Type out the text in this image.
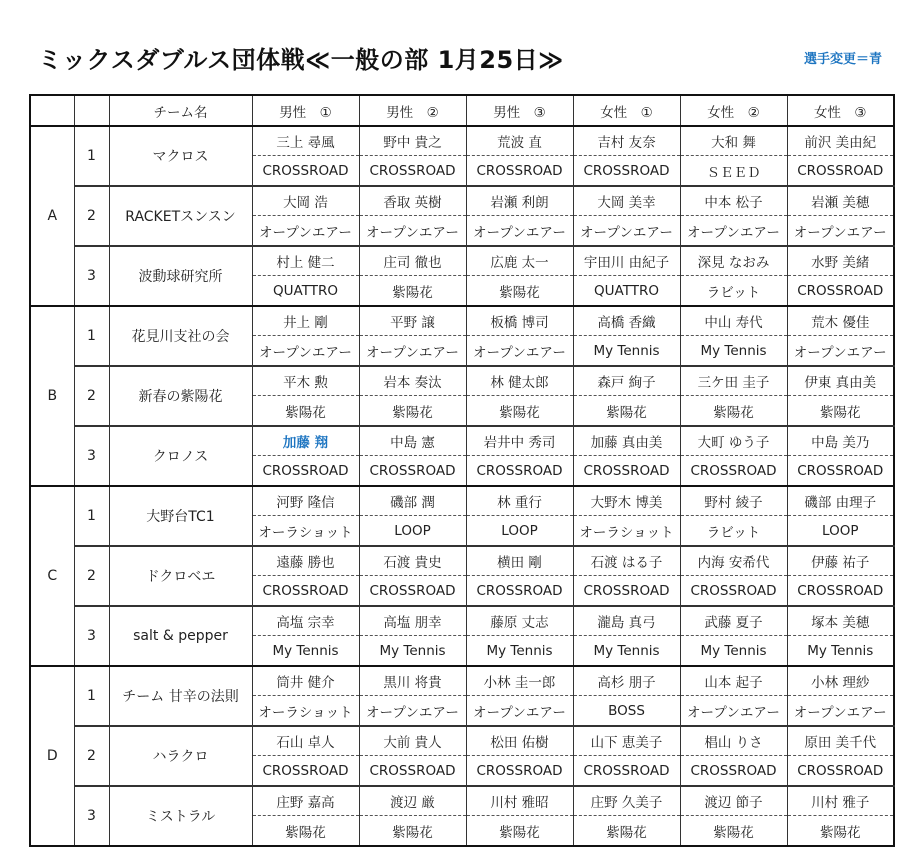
ミックスダブルス団体戦≪一般の部 1月25日≫	選手変更＝青
		チーム名	男性　①	男性　②	男性　③	女性　①	女性　②	女性　③
A	1	マクロス	三上 尋風	野中 貴之	荒波 直	吉村 友奈	大和 舞	前沢 美由紀
			CROSSROAD	CROSSROAD	CROSSROAD	CROSSROAD	ＳＥＥＤ	CROSSROAD
	2	RACKETスンスン	大岡 浩	香取 英樹	岩瀬 利朗	大岡 美幸	中本 松子	岩瀬 美穂
			オープンエアー	オープンエアー	オープンエアー	オープンエアー	オープンエアー	オープンエアー
	3	波動球研究所	村上 健二	庄司 徹也	広鹿 太一	宇田川 由紀子	深見 なおみ	水野 美緒
			QUATTRO	紫陽花	紫陽花	QUATTRO	ラビット	CROSSROAD
B	1	花見川支社の会	井上 剛	平野 譲	板橋 博司	高橋 香織	中山 寿代	荒木 優佳
			オープンエアー	オープンエアー	オープンエアー	My Tennis	My Tennis	オープンエアー
	2	新春の紫陽花	平木 勲	岩本 奏汰	林 健太郎	森戸 絢子	三ケ田 圭子	伊東 真由美
			紫陽花	紫陽花	紫陽花	紫陽花	紫陽花	紫陽花
	3	クロノス	加藤 翔	中島 憲	岩井中 秀司	加藤 真由美	大町 ゆう子	中島 美乃
			CROSSROAD	CROSSROAD	CROSSROAD	CROSSROAD	CROSSROAD	CROSSROAD
C	1	大野台TC1	河野 隆信	磯部 潤	林 重行	大野木 博美	野村 綾子	磯部 由理子
			オーラショット	LOOP	LOOP	オーラショット	ラビット	LOOP
	2	ドクロベエ	遠藤 勝也	石渡 貴史	横田 剛	石渡 はる子	内海 安希代	伊藤 祐子
			CROSSROAD	CROSSROAD	CROSSROAD	CROSSROAD	CROSSROAD	CROSSROAD
	3	salt & pepper	高塩 宗幸	高塩 朋幸	藤原 丈志	瀧島 真弓	武藤 夏子	塚本 美穂
			My Tennis	My Tennis	My Tennis	My Tennis	My Tennis	My Tennis
D	1	チーム 甘辛の法則	筒井 健介	黒川 将貴	小林 圭一郎	高杉 朋子	山本 起子	小林 理紗
			オーラショット	オープンエアー	オープンエアー	BOSS	オープンエアー	オープンエアー
	2	ハラクロ	石山 卓人	大前 貴人	松田 佑樹	山下 恵美子	椙山 りさ	原田 美千代
			CROSSROAD	CROSSROAD	CROSSROAD	CROSSROAD	CROSSROAD	CROSSROAD
	3	ミストラル	庄野 嘉高	渡辺 厳	川村 雅昭	庄野 久美子	渡辺 節子	川村 雅子
			紫陽花	紫陽花	紫陽花	紫陽花	紫陽花	紫陽花
